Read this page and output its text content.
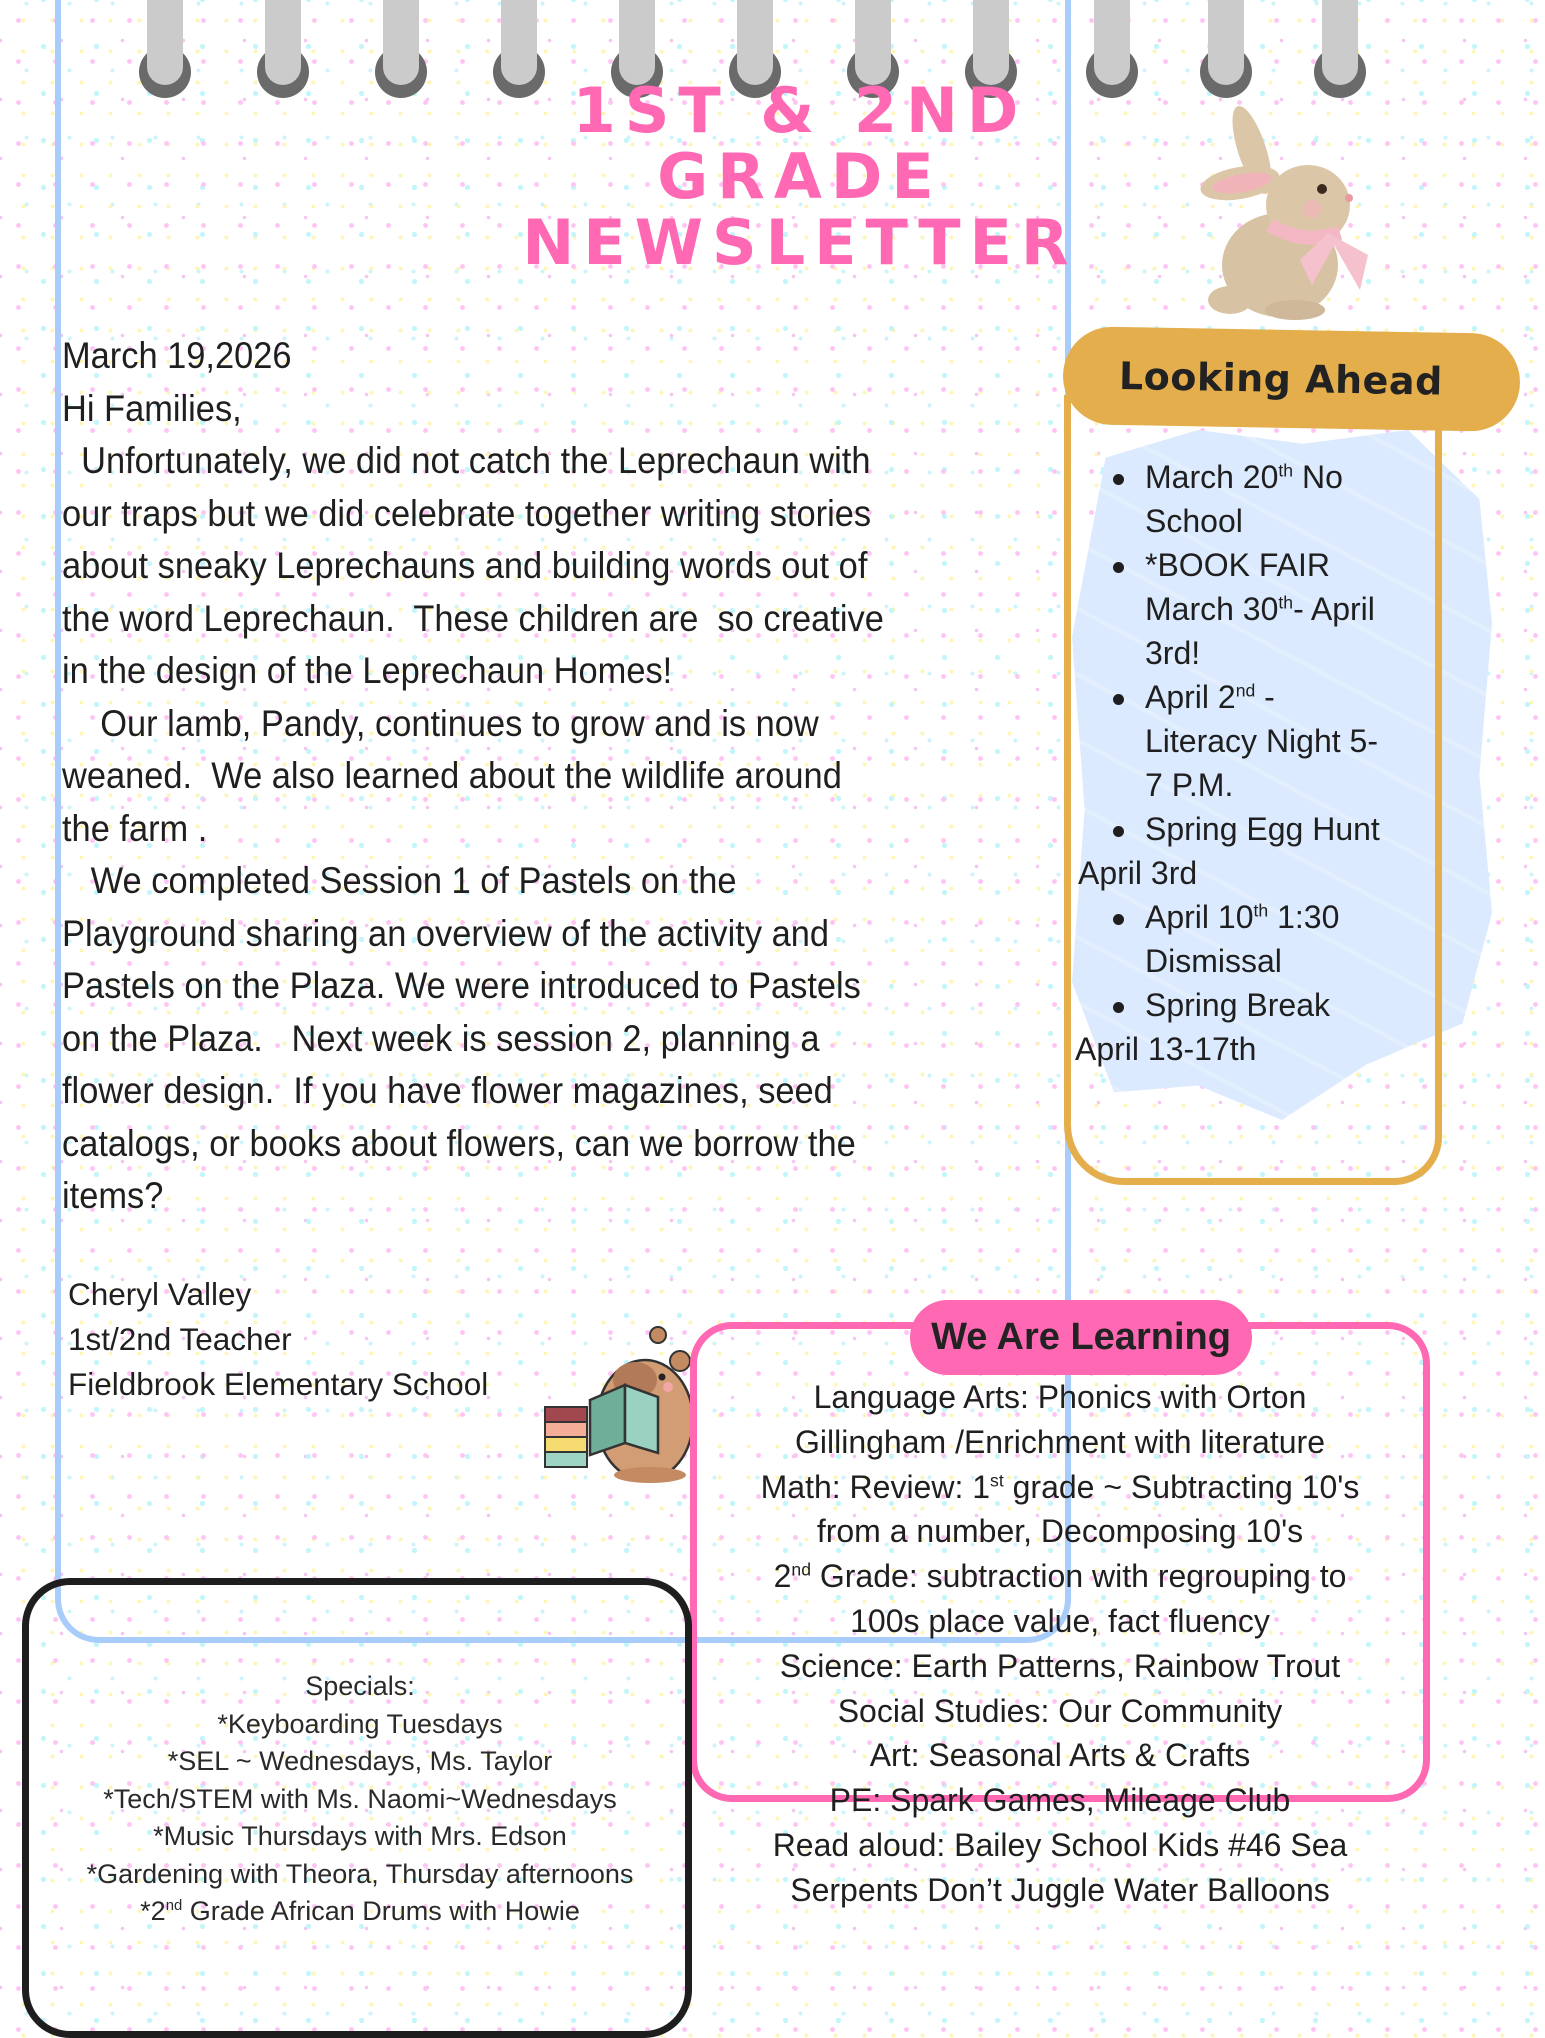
1ST & 2ND
GRADE
NEWSLETTER

March 19,2026

Hi Families,

Unfortunately, we did not catch the Leprechaun with

our traps but we did celebrate together writing stories

about sneaky Leprechauns and building words out of

the word Leprechaun.  These children are  so creative

in the design of the Leprechaun Homes!

Our lamb, Pandy, continues to grow and is now

weaned.  We also learned about the wildlife around

the farm .

We completed Session 1 of Pastels on the

Playground sharing an overview of the activity and

Pastels on the Plaza. We were introduced to Pastels

on the Plaza.   Next week is session 2, planning a

flower design.  If you have flower magazines, seed

catalogs, or books about flowers, can we borrow the

items?

Cheryl Valley
1st/2nd Teacher
Fieldbrook Elementary School
Looking Ahead
March 20th No
School
*BOOK FAIR
March 30th- April
3rd!
April 2nd -
Literacy Night 5-
7 P.M.
Spring Egg Hunt
April 3rd
April 10th 1:30
Dismissal
Spring Break
April 13-17th
We Are Learning
Language Arts: Phonics with Orton
Gillingham /Enrichment with literature
Math: Review: 1st grade ~ Subtracting 10's
from a number, Decomposing 10's
2nd Grade: subtraction with regrouping to
100s place value, fact fluency
Science: Earth Patterns, Rainbow Trout
Social Studies: Our Community
Art: Seasonal Arts & Crafts
PE: Spark Games, Mileage Club
Read aloud: Bailey School Kids #46 Sea
Serpents Don’t Juggle Water Balloons
Specials:
*Keyboarding Tuesdays
*SEL ~ Wednesdays, Ms. Taylor
*Tech/STEM with Ms. Naomi~Wednesdays
*Music Thursdays with Mrs. Edson
*Gardening with Theora, Thursday afternoons
*2nd Grade African Drums with Howie
